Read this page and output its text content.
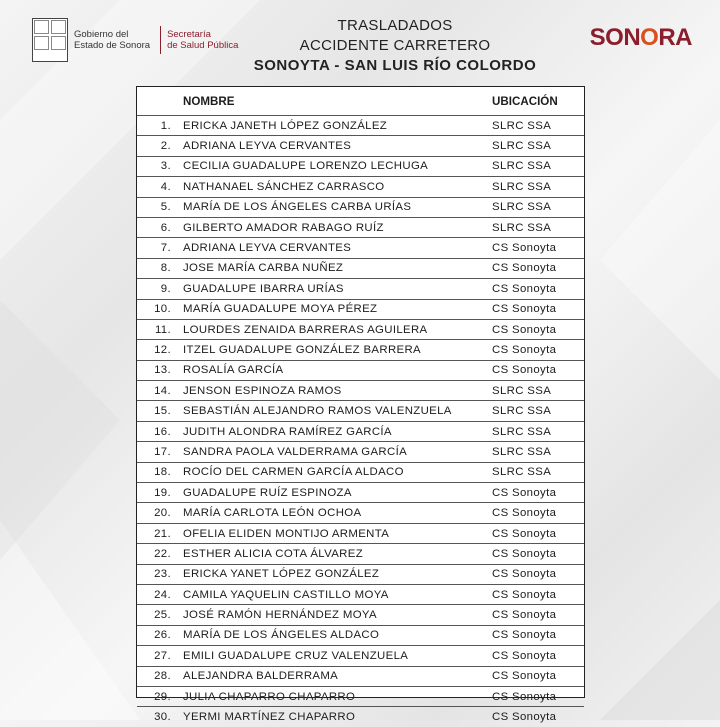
Gobierno del
Estado de Sonora
Secretaría
de Salud Pública
TRASLADADOS
ACCIDENTE CARRETERO
SONOYTA - SAN LUIS RÍO COLORDO
SONORA
	NOMBRE	UBICACIÓN
1.	ERICKA JANETH LÓPEZ GONZÁLEZ	SLRC SSA
2.	ADRIANA LEYVA CERVANTES	SLRC SSA
3.	CECILIA GUADALUPE LORENZO LECHUGA	SLRC SSA
4.	NATHANAEL SÁNCHEZ CARRASCO	SLRC SSA
5.	MARÍA DE LOS ÁNGELES CARBA URÍAS	SLRC SSA
6.	GILBERTO AMADOR RABAGO RUÍZ	SLRC SSA
7.	ADRIANA LEYVA CERVANTES	CS Sonoyta
8.	JOSE MARÍA CARBA NUÑEZ	CS Sonoyta
9.	GUADALUPE IBARRA URÍAS	CS Sonoyta
10.	MARÍA GUADALUPE MOYA PÉREZ	CS Sonoyta
11.	LOURDES ZENAIDA BARRERAS AGUILERA	CS Sonoyta
12.	ITZEL GUADALUPE GONZÁLEZ BARRERA	CS Sonoyta
13.	ROSALÍA GARCÍA	CS Sonoyta
14.	JENSON ESPINOZA RAMOS	SLRC SSA
15.	SEBASTIÁN ALEJANDRO RAMOS VALENZUELA	SLRC SSA
16.	JUDITH ALONDRA RAMÍREZ GARCÍA	SLRC SSA
17.	SANDRA PAOLA VALDERRAMA GARCÍA	SLRC SSA
18.	ROCÍO DEL CARMEN GARCÍA ALDACO	SLRC SSA
19.	GUADALUPE RUÍZ ESPINOZA	CS Sonoyta
20.	MARÍA CARLOTA LEÓN OCHOA	CS Sonoyta
21.	OFELIA ELIDEN MONTIJO ARMENTA	CS Sonoyta
22.	ESTHER ALICIA COTA ÁLVAREZ	CS Sonoyta
23.	ERICKA YANET LÓPEZ GONZÁLEZ	CS Sonoyta
24.	CAMILA YAQUELIN CASTILLO MOYA	CS Sonoyta
25.	JOSÉ RAMÓN HERNÁNDEZ MOYA	CS Sonoyta
26.	MARÍA DE LOS ÁNGELES ALDACO	CS Sonoyta
27.	EMILI GUADALUPE CRUZ VALENZUELA	CS Sonoyta
28.	ALEJANDRA BALDERRAMA	CS Sonoyta
29.	JULIA CHAPARRO CHAPARRO	CS Sonoyta
30.	YERMI MARTÍNEZ CHAPARRO	CS Sonoyta
